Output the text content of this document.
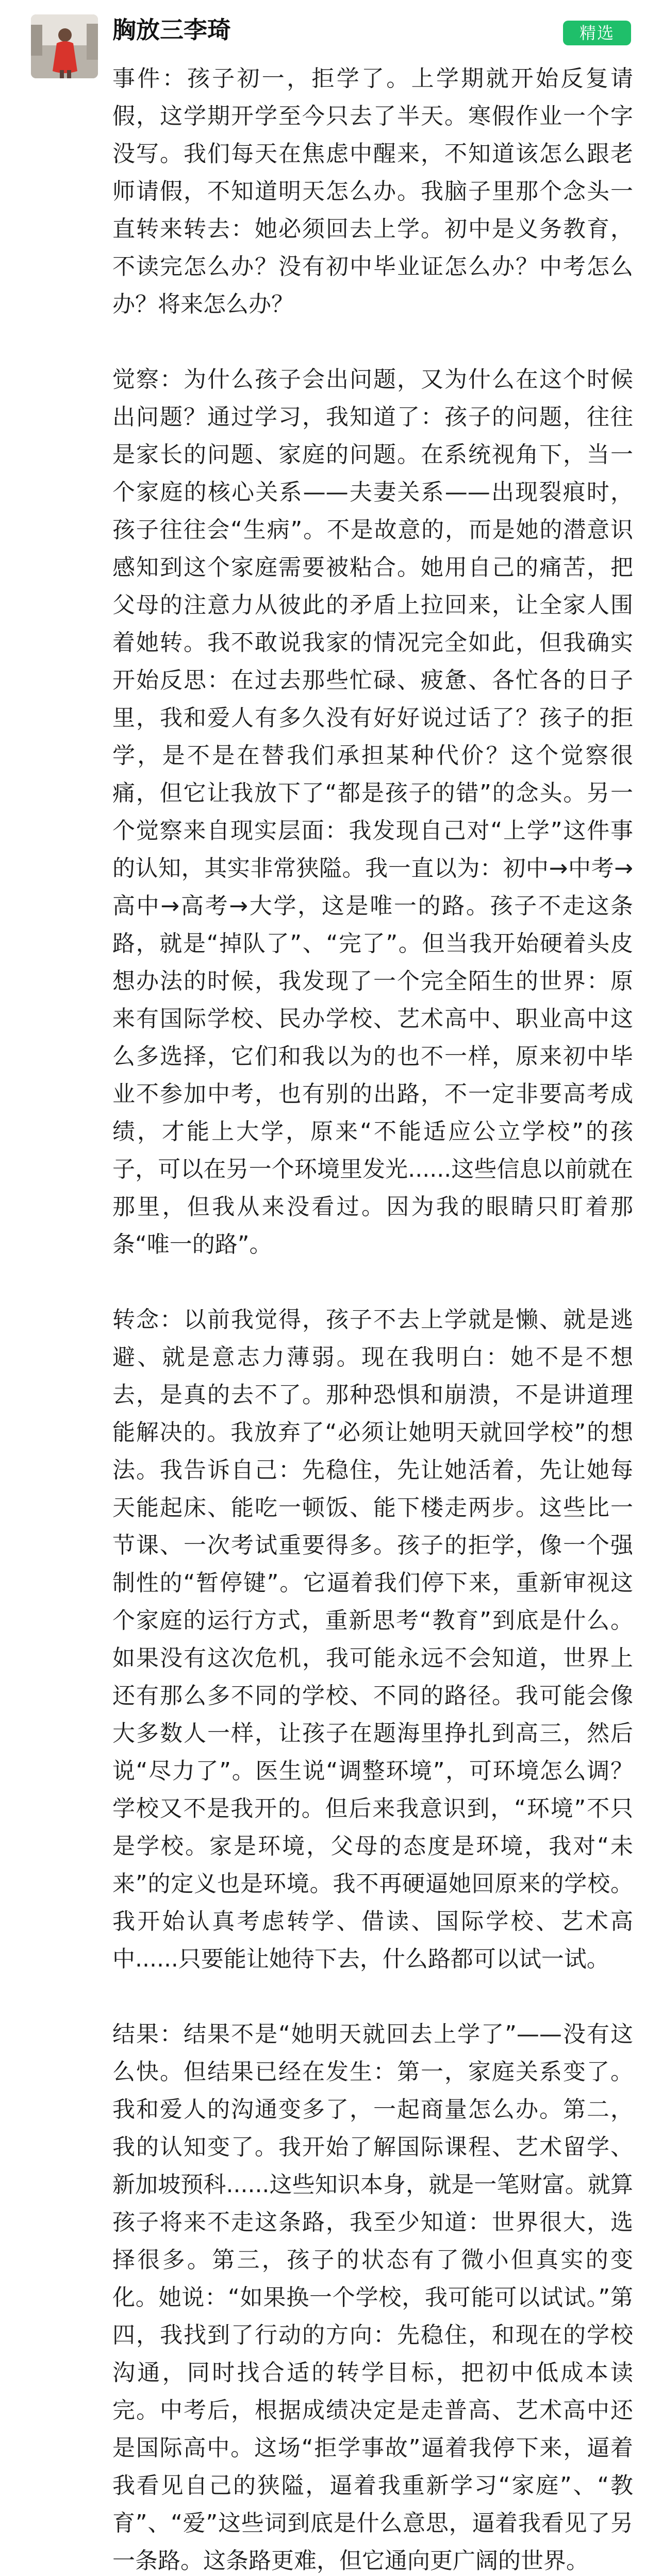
胸放三李琦	精选

事件：孩子初一，拒学了。上学期就开始反复请假，这学期开学至今只去了半天。寒假作业一个字没写。我们每天在焦虑中醒来，不知道该怎么跟老师请假，不知道明天怎么办。我脑子里那个念头一直转来转去：她必须回去上学。初中是义务教育，不读完怎么办？没有初中毕业证怎么办？中考怎么办？将来怎么办？

觉察：为什么孩子会出问题，又为什么在这个时候出问题？通过学习，我知道了：孩子的问题，往往是家长的问题、家庭的问题。在系统视角下，当一个家庭的核心关系——夫妻关系——出现裂痕时，孩子往往会“生病”。不是故意的，而是她的潜意识感知到这个家庭需要被粘合。她用自己的痛苦，把父母的注意力从彼此的矛盾上拉回来，让全家人围着她转。我不敢说我家的情况完全如此，但我确实开始反思：在过去那些忙碌、疲惫、各忙各的日子里，我和爱人有多久没有好好说过话了？孩子的拒学，是不是在替我们承担某种代价？这个觉察很痛，但它让我放下了“都是孩子的错”的念头。另一个觉察来自现实层面：我发现自己对“上学”这件事的认知，其实非常狭隘。我一直以为：初中→中考→高中→高考→大学，这是唯一的路。孩子不走这条路，就是“掉队了”、“完了”。但当我开始硬着头皮想办法的时候，我发现了一个完全陌生的世界：原来有国际学校、民办学校、艺术高中、职业高中这么多选择，它们和我以为的也不一样，原来初中毕业不参加中考，也有别的出路，不一定非要高考成绩，才能上大学，原来“不能适应公立学校”的孩子，可以在另一个环境里发光......这些信息以前就在那里，但我从来没看过。因为我的眼睛只盯着那条“唯一的路”。

转念：以前我觉得，孩子不去上学就是懒、就是逃避、就是意志力薄弱。现在我明白：她不是不想去，是真的去不了。那种恐惧和崩溃，不是讲道理能解决的。我放弃了“必须让她明天就回学校”的想法。我告诉自己：先稳住，先让她活着，先让她每天能起床、能吃一顿饭、能下楼走两步。这些比一节课、一次考试重要得多。孩子的拒学，像一个强制性的“暂停键”。它逼着我们停下来，重新审视这个家庭的运行方式，重新思考“教育”到底是什么。如果没有这次危机，我可能永远不会知道，世界上还有那么多不同的学校、不同的路径。我可能会像大多数人一样，让孩子在题海里挣扎到高三，然后说“尽力了”。医生说“调整环境”，可环境怎么调？学校又不是我开的。但后来我意识到，“环境”不只是学校。家是环境，父母的态度是环境，我对“未来”的定义也是环境。我不再硬逼她回原来的学校。我开始认真考虑转学、借读、国际学校、艺术高中......只要能让她待下去，什么路都可以试一试。

结果：结果不是“她明天就回去上学了”——没有这么快。但结果已经在发生：第一，家庭关系变了。我和爱人的沟通变多了，一起商量怎么办。第二，我的认知变了。我开始了解国际课程、艺术留学、新加坡预科......这些知识本身，就是一笔财富。就算孩子将来不走这条路，我至少知道：世界很大，选择很多。第三，孩子的状态有了微小但真实的变化。她说：“如果换一个学校，我可能可以试试。”第四，我找到了行动的方向：先稳住，和现在的学校沟通，同时找合适的转学目标，把初中低成本读完。中考后，根据成绩决定是走普高、艺术高中还是国际高中。这场“拒学事故”逼着我停下来，逼着我看见自己的狭隘，逼着我重新学习“家庭”、“教育”、“爱”这些词到底是什么意思，逼着我看见了另一条路。这条路更难，但它通向更广阔的世界。
